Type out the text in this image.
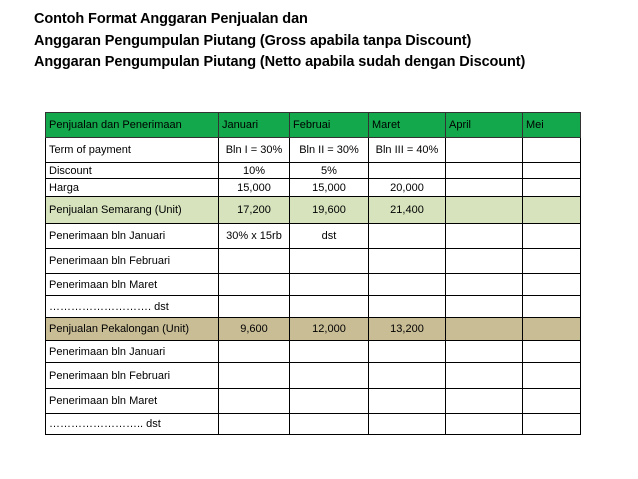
Contoh Format Anggaran Penjualan dan
Anggaran Pengumpulan Piutang (Gross apabila tanpa Discount)
Anggaran Pengumpulan Piutang (Netto apabila sudah dengan Discount)
Penjualan dan Penerimaan	Januari	Februai	Maret	April	Mei
Term of payment	Bln I = 30%	Bln II = 30%	Bln III = 40%		
Discount	10%	5%			
Harga	15,000	15,000	20,000		
Penjualan Semarang (Unit)	17,200	19,600	21,400		
Penerimaan bln Januari	30% x 15rb	dst			
Penerimaan bln Februari					
Penerimaan bln Maret					
………………………. dst					
Penjualan Pekalongan (Unit)	9,600	12,000	13,200		
Penerimaan bln Januari					
Penerimaan bln Februari					
Penerimaan bln Maret					
…………………….. dst					
